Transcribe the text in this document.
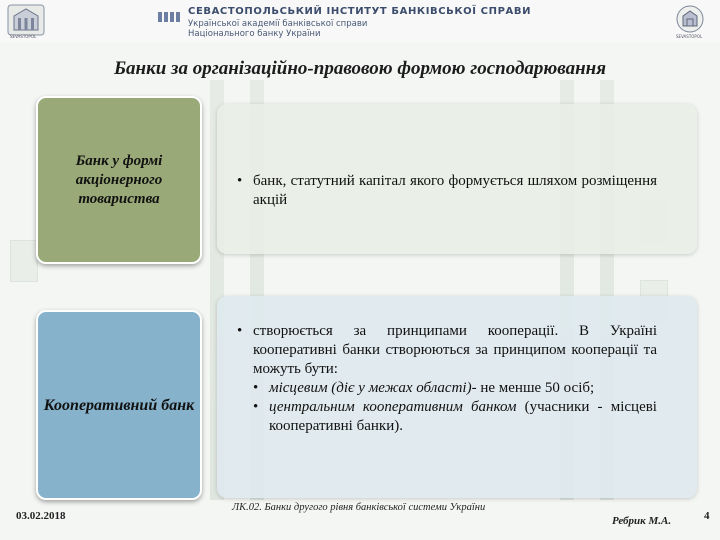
SEVASTOPOL
СЕВАСТОПОЛЬСЬКИЙ ІНСТИТУТ БАНКІВСЬКОЇ СПРАВИ
Української академії банківської справи
Національного банку України	SEVASTOPOL
Банки за організаційно-правовою формою господарювання
• банк, статутний капітал якого формується шляхом розміщення акцій
Банк у формі акціонерного товариства
• створюється за принципами кооперації. В Україні кооперативні банки створюються за принципом кооперації та можуть бути:
• місцевим (діє у межах області)- не менше 50 осіб;
• центральним кооперативним банком (учасники - місцеві кооперативні банки).
Кооперативний банк
03.02.2018
ЛК.02. Банки другого рівня банківської системи України
Ребрик М.А.	4
